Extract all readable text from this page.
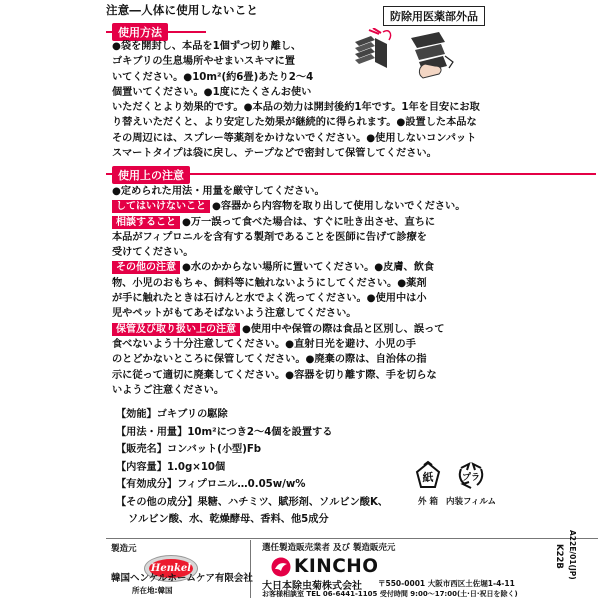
注意―人体に使用しないこと	防除用医薬部外品
使用方法

●袋を開封し、本品を1個ずつ切り離し、

ゴキブリの生息場所やせまいスキマに置

いてください。●10m²(約6畳)あたり2～4

個置いてください。●1度にたくさんお使い

いただくとより効果的です。●本品の効力は開封後約1年です。1年を目安にお取

り替えいただくと、より安定した効果が継続的に得られます。●設置した本品な

その周辺には、スプレー等薬剤をかけないでください。●使用しないコンパット

スマートタイプは袋に戻し、テープなどで密封して保管してください。

使用上の注意

●定められた用法・用量を厳守してください。

してはいけないこと ●容器から内容物を取り出して使用しないでください。

相談すること ●万一誤って食べた場合は、すぐに吐き出させ、直ちに

本品がフィプロニルを含有する製剤であることを医師に告げて診療を

受けてください。

その他の注意 ●水のかからない場所に置いてください。●皮膚、飲食

物、小児のおもちゃ、飼料等に触れないようにしてください。●薬剤

が手に触れたときは石けんと水でよく洗ってください。●使用中は小

児やペットがもてあそばないよう注意してください。

保管及び取り扱い上の注意 ●使用中や保管の際は食品と区別し、誤って

食べないよう十分注意してください。●直射日光を避け、小児の手

のとどかないところに保管してください。●廃棄の際は、自治体の指

示に従って適切に廃棄してください。●容器を切り離す際、手を切らな

いようご注意ください。

【効能】ゴキブリの駆除

【用法・用量】10m²につき2～4個を設置する

【販売名】コンバット(小型)Fb

【内容量】1.0g×10個

【有効成分】フィプロニル…0.05w/w%

【その他の成分】果糖、ハチミツ、賦形剤、ソルビン酸K、

ソルビン酸、水、乾燥酵母、香料、他5成分

紙
外 箱
プラ
内装フィルム
製造元
Henkel
韓国ヘンケルホームケア有限会社
所在地:韓国
選任製造販売業者 及び 製造販売元
KINCHO
大日本除虫菊株式会社 〒550-0001 大阪市西区土佐堀1-4-11
お客様相談室 TEL 06-6441-1105 受付時間 9:00～17:00(土·日·祝日を除く)
K22B A22E/01(JP)
